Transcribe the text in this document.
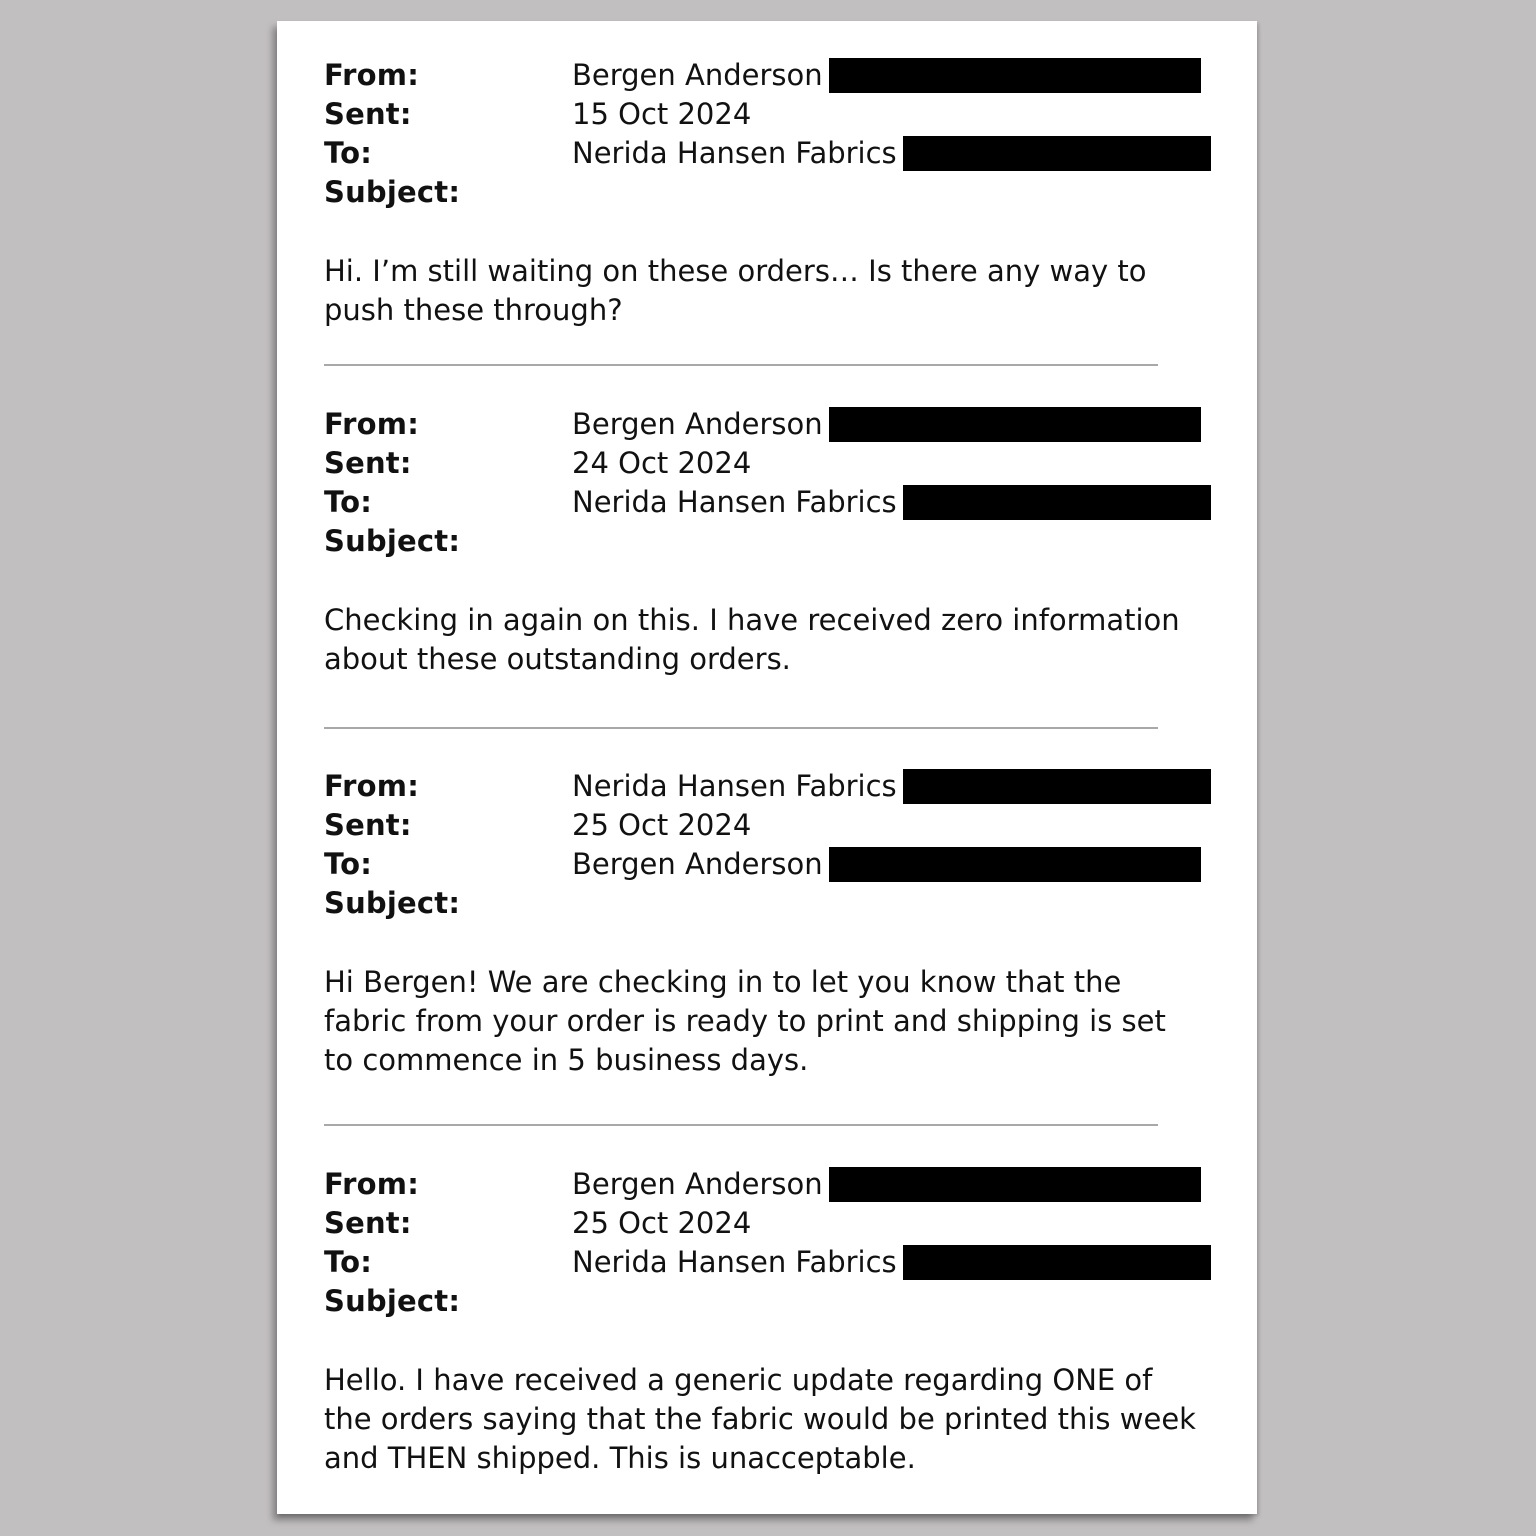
From:	Bergen Anderson
Sent:	15 Oct 2024
To:	Nerida Hansen Fabrics
Subject:
Hi. I’m still waiting on these orders… Is there any way to push these through?
From:	Bergen Anderson
Sent:	24 Oct 2024
To:	Nerida Hansen Fabrics
Subject:
Checking in again on this. I have received zero information about these outstanding orders.
From:	Nerida Hansen Fabrics
Sent:	25 Oct 2024
To:	Bergen Anderson
Subject:
Hi Bergen! We are checking in to let you know that the fabric from your order is ready to print and shipping is set to commence in 5 business days.
From:	Bergen Anderson
Sent:	25 Oct 2024
To:	Nerida Hansen Fabrics
Subject:
Hello. I have received a generic update regarding ONE of the orders saying that the fabric would be printed this week and THEN shipped. This is unacceptable.
